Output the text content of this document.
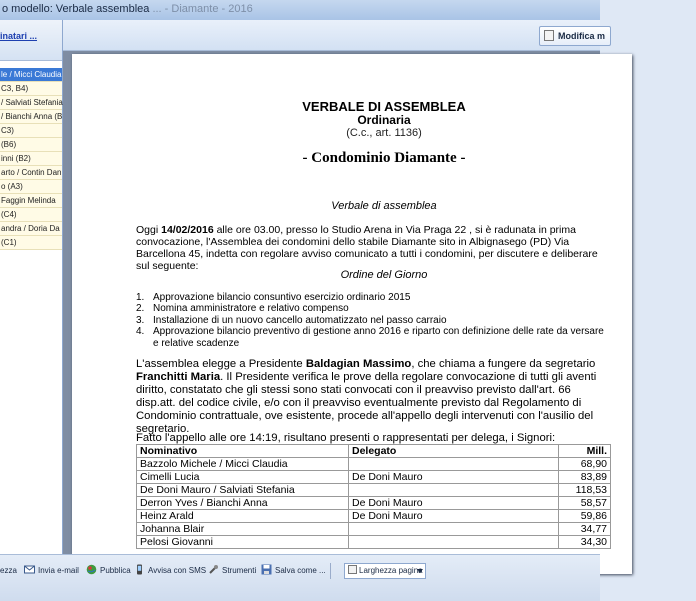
o modello: Verbale assemblea ... - Diamante - 2016
inatari ...
le / Micci Claudia
C3, B4)
/ Salviati Stefania
/ Bianchi Anna (B
C3)
(B6)
inni (B2)
arto / Contin Dan
o (A3)
Faggin Melinda
(C4)
andra / Doria Da
(C1)
Modifica m
VERBALE DI ASSEMBLEA
Ordinaria
(C.c., art. 1136)
- Condominio Diamante -
Verbale di assemblea
Oggi 14/02/2016 alle ore 03.00, presso lo Studio Arena in Via Praga 22 , si è radunata in prima convocazione, l'Assemblea dei condomini dello stabile Diamante sito in Albignasego (PD) Via Barcellona 45, indetta con regolare avviso comunicato a tutti i condomini, per discutere e deliberare sul seguente:
Ordine del Giorno
1. Approvazione bilancio consuntivo esercizio ordinario 2015
2. Nomina amministratore e relativo compenso
3. Installazione di un nuovo cancello automatizzato nel passo carraio
4. Approvazione bilancio preventivo di gestione anno 2016 e riparto con definizione delle rate da versare e relative scadenze
L'assemblea elegge a Presidente Baldagian Massimo, che chiama a fungere da segretario Franchitti Maria. Il Presidente verifica le prove della regolare convocazione di tutti gli aventi diritto, constatato che gli stessi sono stati convocati con il preavviso previsto dall'art. 66 disp.att. del codice civile, e/o con il preavviso eventualmente previsto dal Regolamento di Condominio contrattuale, ove esistente, procede all'appello degli intervenuti con l'ausilio del segretario.
Fatto l'appello alle ore 14:19, risultano presenti o rappresentati per delega, i Signori:
Nominativo	Delegato	Mill.
Bazzolo Michele / Micci Claudia		68,90
Cimelli Lucia	De Doni Mauro	83,89
De Doni Mauro / Salviati Stefania		118,53
Derron Yves / Bianchi Anna	De Doni Mauro	58,57
Heinz Arald	De Doni Mauro	59,86
Johanna Blair		34,77
Pelosi Giovanni		34,30
ezza	Invia e-mail	Pubblica	Avvisa con SMS	Strumenti	Salva come ...	Larghezza pagina
